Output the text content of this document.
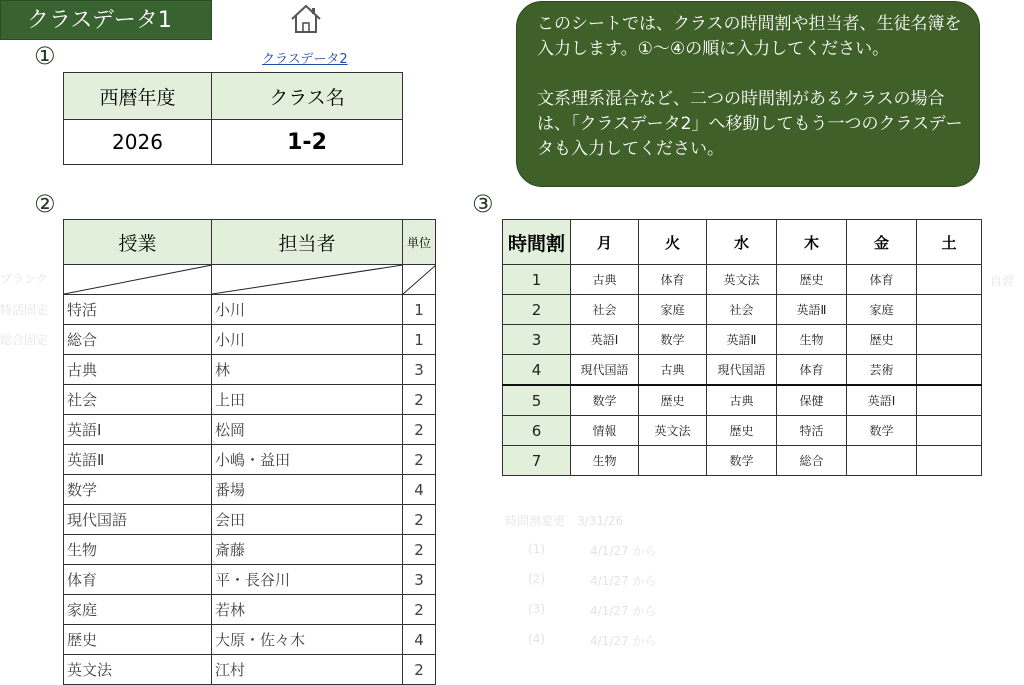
クラスデータ1
クラスデータ2
①
②	③

このシートでは、クラスの時間割や担当者、生徒名簿を入力します。①～④の順に入力してください。

文系理系混合など、二つの時間割があるクラスの場合は、「クラスデータ2」へ移動してもう一つのクラスデータも入力してください。

ブランク
特活固定
総合固定
自習
時間割変更　3/31/26
(1)	4/1/27 から
(2)	4/1/27 から
(3)	4/1/27 から
(4)	4/1/27 から
西暦年度	クラス名
2026	1-2
授業	担当者	単位

特活	小川	1
総合	小川	1
古典	林	3
社会	上田	2
英語Ⅰ	松岡	2
英語Ⅱ	小嶋・益田	2
数学	番場	4
現代国語	会田	2
生物	斎藤	2
体育	平・長谷川	3
家庭	若林	2
歴史	大原・佐々木	4
英文法	江村	2
時間割	月	火	水	木	金	土
1	古典	体育	英文法	歴史	体育	
2	社会	家庭	社会	英語Ⅱ	家庭	
3	英語Ⅰ	数学	英語Ⅱ	生物	歴史	
4	現代国語	古典	現代国語	体育	芸術	
5	数学	歴史	古典	保健	英語Ⅰ	
6	情報	英文法	歴史	特活	数学	
7	生物		数学	総合		
